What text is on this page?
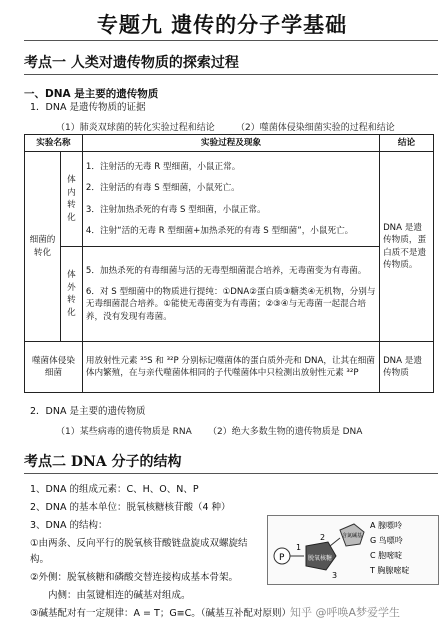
专题九 遗传的分子学基础
考点一 人类对遗传物质的探索过程
一、DNA 是主要的遗传物质
1．DNA 是遗传物质的证据
（1）肺炎双球菌的转化实验过程和结论 （2）噬菌体侵染细菌实验的过程和结论
实验名称		实验过程及现象	结论
细菌的转化	体内转化	1．注射活的无毒 R 型细菌，小鼠正常。
2．注射活的有毒 S 型细菌，小鼠死亡。
3．注射加热杀死的有毒 S 型细菌，小鼠正常。
4．注射“活的无毒 R 型细菌+加热杀死的有毒 S 型细菌”，小鼠死亡。	DNA 是遗传物质，蛋白质不是遗传物质。
	体外转化	5．加热杀死的有毒细菌与活的无毒型细菌混合培养，无毒菌变为有毒菌。
6．对 S 型细菌中的物质进行提纯：①DNA②蛋白质③糖类④无机物，分别与无毒细菌混合培养。①能使无毒菌变为有毒菌；②③④与无毒菌一起混合培养，没有发现有毒菌。	

噬菌体侵染细菌		用放射性元素 ³⁵S 和 ³²P 分别标记噬菌体的蛋白质外壳和 DNA，让其在细菌体内繁殖，在与亲代噬菌体相同的子代噬菌体中只检测出放射性元素 ³²P	DNA 是遗传物质
2．DNA 是主要的遗传物质
（1）某些病毒的遗传物质是 RNA （2）绝大多数生物的遗传物质是 DNA
考点二 DNA 分子的结构
1、DNA 的组成元素：C、H、O、N、P
2、DNA 的基本单位：脱氧核糖核苷酸（4 种）
3、DNA 的结构：
①由两条、反向平行的脱氧核苷酸链盘旋成双螺旋结
构。
②外侧：脱氧核糖和磷酸交替连接构成基本骨架。
内侧：由氢键相连的碱基对组成。
③碱基配对有一定规律：A = T；G≡C。（碱基互补配对原则）
P	脱氧核糖
含氮碱基
1
2
3
A 腺嘌呤
G 鸟嘌呤
C 胞嘧啶
T 胸腺嘧啶
知乎 @呼唤A梦爱学生
